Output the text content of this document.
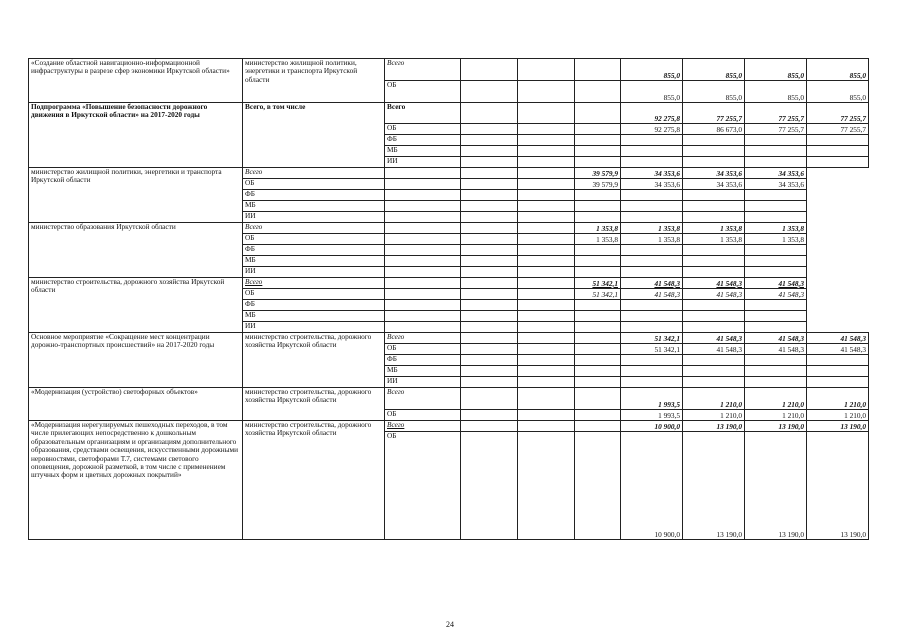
«Создание областной навигационно-информационной инфраструктуры в разрезе сфер экономики Иркутской области»	министерство жилищной политики, энергетики и транспорта Иркутской области	Всего				855,0	855,0	855,0	855,0
		ОБ				855,0	855,0	855,0	855,0
Подпрограмма «Повышение безопасности дорожного движения в Иркутской области» на 2017-2020 годы	Всего, в том числе	Всего				92 275,8	77 255,7	77 255,7	77 255,7
		ОБ				92 275,8	86 673,0	77 255,7	77 255,7
		ФБ							
		МБ							
		ИИ							
министерство жилищной политики, энергетики и транспорта Иркутской области	Всего				39 579,9	34 353,6	34 353,6	34 353,6	
	ОБ				39 579,9	34 353,6	34 353,6	34 353,6	
	ФБ								
	МБ								
	ИИ								
министерство образования Иркутской области	Всего				1 353,8	1 353,8	1 353,8	1 353,8	
	ОБ				1 353,8	1 353,8	1 353,8	1 353,8	
	ФБ								
	МБ								
	ИИ								
министерство строительства, дорожного хозяйства Иркутской области	Всего				51 342,1	41 548,3	41 548,3	41 548,3	
	ОБ				51 342,1	41 548,3	41 548,3	41 548,3	
	ФБ								
	МБ								
	ИИ								
Основное мероприятие «Сокращение мест концентрации дорожно-транспортных происшествий» на 2017-2020 годы	министерство строительства, дорожного хозяйства Иркутской области	Всего				51 342,1	41 548,3	41 548,3	41 548,3
		ОБ				51 342,1	41 548,3	41 548,3	41 548,3
		ФБ							
		МБ							
		ИИ							
«Модернизация (устройство) светофорных объектов»	министерство строительства, дорожного хозяйства Иркутской области	Всего				1 993,5	1 210,0	1 210,0	1 210,0
		ОБ				1 993,5	1 210,0	1 210,0	1 210,0
«Модернизация нерегулируемых пешеходных переходов, в том числе прилегающих непосредственно к дошкольным образовательным организациям и организациям дополнительного образования, средствами освещения, искусственными дорожными неровностями, светофорами Т.7, системами светового оповещения, дорожной разметкой, в том числе с применением штучных форм и цветных дорожных покрытий»	министерство строительства, дорожного хозяйства Иркутской области	Всего				10 900,0	13 190,0	13 190,0	13 190,0
		ОБ				10 900,0	13 190,0	13 190,0	13 190,0
24
